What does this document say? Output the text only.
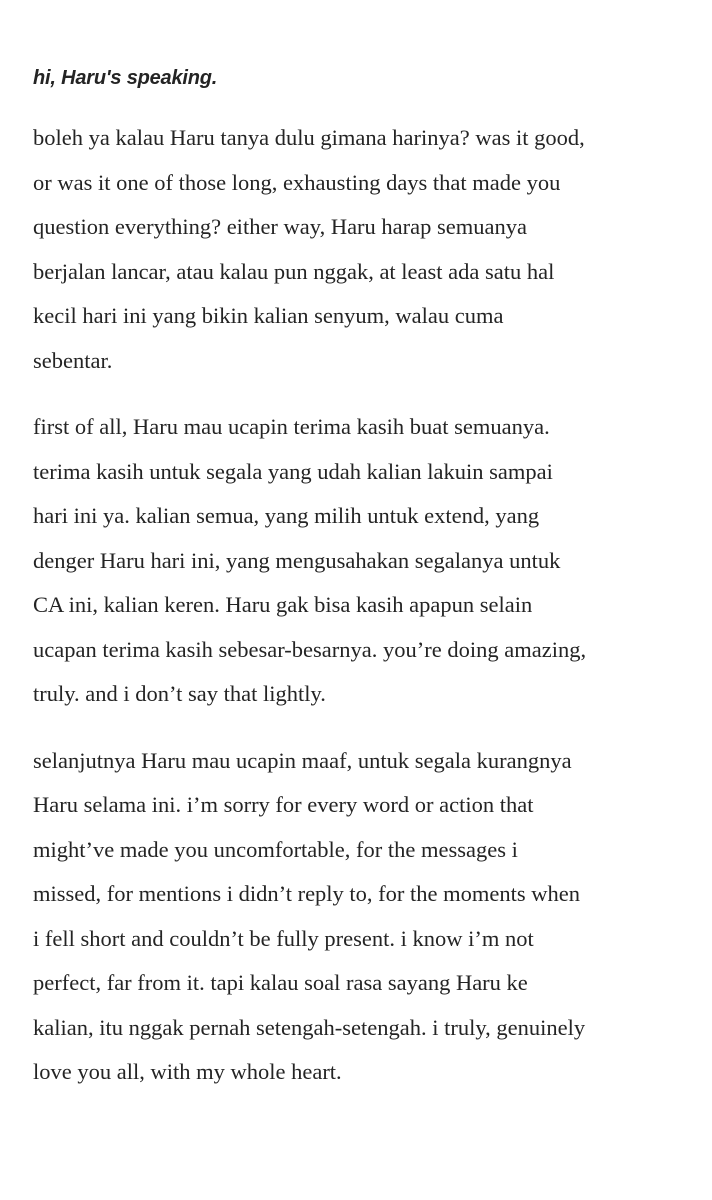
hi, Haru's speaking.
boleh ya kalau Haru tanya dulu gimana harinya? was it good,
or was it one of those long, exhausting days that made you
question everything? either way, Haru harap semuanya
berjalan lancar, atau kalau pun nggak, at least ada satu hal
kecil hari ini yang bikin kalian senyum, walau cuma
sebentar.
first of all, Haru mau ucapin terima kasih buat semuanya.
terima kasih untuk segala yang udah kalian lakuin sampai
hari ini ya. kalian semua, yang milih untuk extend, yang
denger Haru hari ini, yang mengusahakan segalanya untuk
CA ini, kalian keren. Haru gak bisa kasih apapun selain
ucapan terima kasih sebesar-besarnya. you’re doing amazing,
truly. and i don’t say that lightly.
selanjutnya Haru mau ucapin maaf, untuk segala kurangnya
Haru selama ini. i’m sorry for every word or action that
might’ve made you uncomfortable, for the messages i
missed, for mentions i didn’t reply to, for the moments when
i fell short and couldn’t be fully present. i know i’m not
perfect, far from it. tapi kalau soal rasa sayang Haru ke
kalian, itu nggak pernah setengah-setengah. i truly, genuinely
love you all, with my whole heart.
